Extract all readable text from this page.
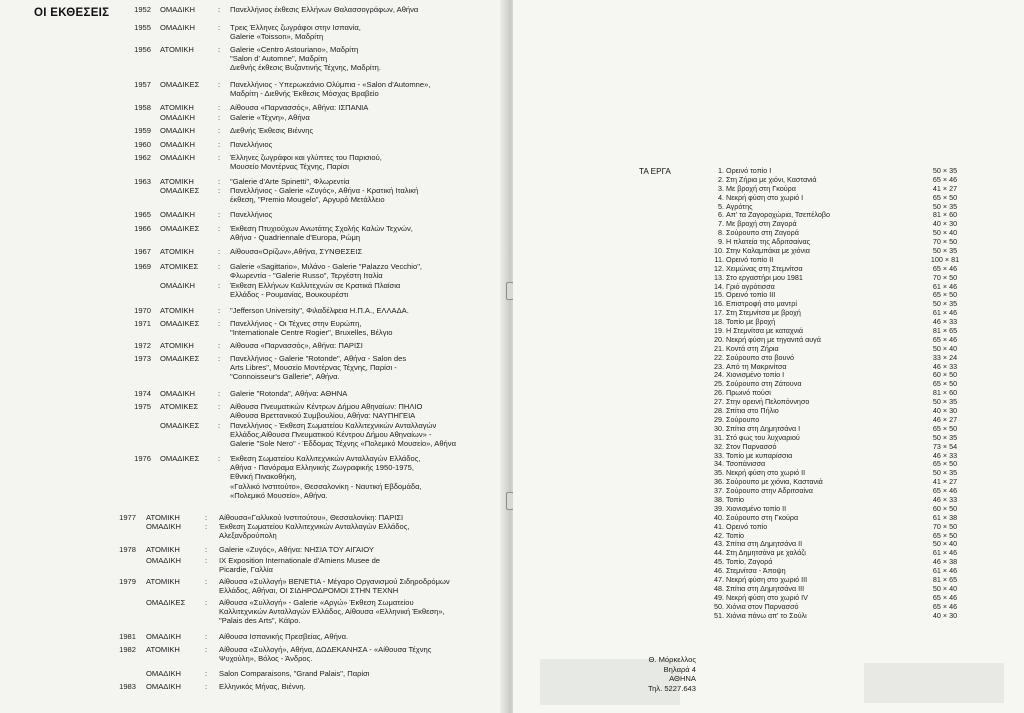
ΟΙ ΕΚΘΕΣΕΙΣ	1952 ΟΜΑΔΙΚΗ	: Πανελλήνιος έκθεσις Ελλήνων Θαλασσογράφων, Αθήνα
1955 ΟΜΑΔΙΚΗ	: Τρεις Έλληνες ζωγράφοι στην Ισπανία,
Galerie «Toisson», Μαδρίτη
1956 ΑΤΟΜΙΚΗ	: Galerie «Centro Astouriano», Μαδρίτη
"Salon d' Automne", Μαδρίτη
Διεθνής έκθεσις Βυζαντινής Τέχνης, Μαδρίτη.
1957 ΟΜΑΔΙΚΕΣ : Πανελλήνιος - Υπερωκεάνιο Ολύμπια - «Salon d'Automne»,
Μαδρίτη - Διεθνής Έκθεσις Μόσχας Βραβείο
1958 ΑΤΟΜΙΚΗ	: Αίθουσα «Παρνασσός», Αθήνα: ΙΣΠΑΝΙΑ
ΟΜΑΔΙΚΗ	: Galerie «Τέχνη», Αθήνα
1959 ΟΜΑΔΙΚΗ	: Διεθνής Έκθεσις Βιέννης
1960 ΟΜΑΔΙΚΗ	: Πανελλήνιος
1962 ΟΜΑΔΙΚΗ	: Έλληνες ζωγράφοι και γλύπτες του Παρισιού,
Μουσείο Μοντέρνας Τέχνης, Παρίσι
1963 ΑΤΟΜΙΚΗ	: "Galerie d'Arte Spinetti", Φλωρεντία
ΟΜΑΔΙΚΕΣ : Πανελλήνιος - Galerie «Ζυγός», Αθήνα - Κρατική Ιταλική
έκθεση, "Premio Mougelo", Αργυρό Μετάλλειο
1965 ΟΜΑΔΙΚΗ	: Πανελλήνιος
1966 ΟΜΑΔΙΚΕΣ : Έκθεση Πτυχιούχων Ανωτάτης Σχολής Καλών Τεχνών,
Αθήνα - Quadriennale d'Europa, Ρώμη
1967 ΑΤΟΜΙΚΗ	: Αίθουσα«Ορίζων»,Αθήνα, ΣΥΝΘΕΣΕΙΣ
1969 ΑΤΟΜΙΚΕΣ	: Galerie «Sagittario», Μιλάνο - Galerie "Palazzo Vecchio",
Φλωρεντία - "Galerie Russo", Τεργέστη Ιταλία
ΟΜΑΔΙΚΗ	: Έκθεση Ελλήνων Καλλιτεχνών σε Κρατικά Πλαίσια
Ελλάδος - Ρουμανίας, Βουκουρέστι
1970 ΑΤΟΜΙΚΗ	: "Jefferson University", Φιλαδέλφεια Η.Π.Α., ΕΛΛΑΔΑ.
1971 ΟΜΑΔΙΚΕΣ : Πανελλήνιος - Οι Τέχνες στην Ευρώπη,
"Internationale Centre Rogier", Bruxelles, Βέλγιο
1972 ΑΤΟΜΙΚΗ	: Αίθουσα «Παρνασσός», Αθήνα: ΠΑΡΙΣΙ
1973 ΟΜΑΔΙΚΕΣ : Πανελλήνιος - Galerie "Rotonde", Αθήνα - Salon des
Arts Libres", Μουσείο Μοντέρνας Τέχνης, Παρίσι -
"Connoisseur's Gallerie", Αθήνα.
1974 ΟΜΑΔΙΚΗ	: Galerie "Rotonda", Αθήνα: ΑΘΗΝΑ
1975 ΑΤΟΜΙΚΕΣ	: Αίθουσα Πνευματικών Κέντρων Δήμου Αθηναίων: ΠΗΛΙΟ
Αίθουσα Βρεττανικού Συμβουλίου, Αθήνα: ΝΑΥΠΗΓΕΙΑ
ΟΜΑΔΙΚΕΣ : Πανελλήνιος - Έκθεση Σωματείου Καλλιτεχνικών Ανταλλαγών
Ελλάδος,Αίθουσα Πνευματικού Κέντρου Δήμου Αθηναίων» -
Galerie "Sole Nero" - Έδδομας Τέχνης «Πολεμικό Μουσείο», Αθήνα
1976 ΟΜΑΔΙΚΕΣ : Έκθεση Σωματείου Καλλιτεχνικών Ανταλλαγών Ελλάδος,
Αθήνα - Πανόραμα Ελληνικής Ζωγραφικής 1950-1975,
Εθνική Πινακοθήκη,
«Γαλλικό Ινστιτούτο», Θεσσαλονίκη - Ναυτική Εβδομάδα,
«Πολεμικό Μουσείο», Αθήνα.
1977 ΑΤΟΜΙΚΗ	: Αίθουσα«Γαλλικού Ινστιτούτου», Θεσσαλονίκη: ΠΑΡΙΣΙ
ΟΜΑΔΙΚΗ	: Έκθεση Σωματείου Καλλιτεχνικών Ανταλλαγών Ελλάδος,
Αλεξανδρούπολη
1978 ΑΤΟΜΙΚΗ	: Galerie «Ζυγός», Αθήνα: ΝΗΣΙΑ ΤΟΥ ΑΙΓΑΙΟΥ
ΟΜΑΔΙΚΗ	: IX Exposition Internationale d'Amiens Musee de
Picardie, Γαλλία
1979 ΑΤΟΜΙΚΗ	: Αίθουσα «Συλλογή» ΒΕΝΕΤΙΑ - Μέγαρο Οργανισμού Σιδηροδρόμων
Ελλάδος, Αθήναι, ΟΙ ΣΙΔΗΡΟΔΡΟΜΟΙ ΣΤΗΝ ΤΕΧΝΗ
ΟΜΑΔΙΚΕΣ	: Αίθουσα «Συλλογή» - Galerie «Αργώ» Έκθεση Σωματείου
Καλλιτεχνικών Ανταλλαγών Ελλάδος, Αίθουσα «Ελληνική Έκθεση»,
"Palais des Arts", Κάϊρο.
1981 ΟΜΑΔΙΚΗ	: Αίθουσα Ισπανικής Πρεσβείας, Αθήνα.
1982 ΑΤΟΜΙΚΗ	: Αίθουσα «Συλλογή», Αθήνα, ΔΩΔΕΚΑΝΗΣΑ - «Αίθουσα Τέχνης
Ψυχούλη», Βόλος - Άνδρος.
ΟΜΑΔΙΚΗ	: Salon Comparaisons, "Grand Palais", Παρίσι
1983 ΟΜΑΔΙΚΗ	: Ελληνικός Μήνας, Βιέννη.
ΤΑ ΕΡΓΑ	1. Ορεινό τοπίο I	50 × 35
2. Στη Ζήρια με χιόνι, Καστανιά	65 × 46
3. Με βροχή στη Γκούρα	41 × 27
4. Νεκρή φύση στο χωριό I	65 × 50
5. Αγρότης	50 × 35
6. Απ' τα Ζαγοροχώρια, Τσεπέλοβο	81 × 60
7. Με βροχή στη Ζαγορά	40 × 30
8. Σούρουπο στη Ζαγορά	50 × 40
9. Η πλατεία της Αδριτσαίνας	70 × 50
10. Στην Καλαμπάκα με χιόνια	50 × 35
11. Ορεινό τοπίο II	100 × 81
12. Χειμώνας στη Στεμνίτσα	65 × 46
13. Στο εργαστήρι μου 1981	70 × 50
14. Γριό αγρότισσα	61 × 46
15. Ορεινό τοπίο III	65 × 50
16. Επιστροφή στο μαντρί	50 × 35
17. Στη Στεμνίτσα με βροχή	61 × 46
18. Τοπίο με βροχή	46 × 33
19. Η Στεμνίτσα με καταχνιά	81 × 65
20. Νεκρή φύση με τηγανιτά αυγά	65 × 46
21. Κοντά στη Ζήρια	50 × 40
22. Σούρουπο στο βουνό	33 × 24
23. Από τη Μακρινίτσα	46 × 33
24. Χιονισμένο τοπίο I	60 × 50
25. Σούρουπο στη Ζάτουνα	65 × 50
26. Πρωινό πούσι	81 × 60
27. Στην ορεινή Πελοπόννησο	50 × 35
28. Σπίτια στο Πήλιο	40 × 30
29. Σούρουπο	46 × 27
30. Σπίτια στη Δημητσάνα I	65 × 50
31. Στό φως του λυχναριού	50 × 35
32. Στον Παρνασσό	73 × 54
33. Τοπίο με κυπαρίσσια	46 × 33
34. Τσοπάνισσα	65 × 50
35. Νεκρή φύση στο χωριό II	50 × 35
36. Σούρουπο με χιόνια, Καστανιά	41 × 27
37. Σούρουπο στην Αδριτσαίνα	65 × 46
38. Τοπίο	46 × 33
39. Χιονισμένο τοπίο II	60 × 50
40. Σούρουπο στη Γκούρα	61 × 38
41. Ορεινό τοπίο	70 × 50
42. Τοπίο	65 × 50
43. Σπίτια στη Δημητσάνα II	50 × 40
44. Στη Δημητσάνα με χαλάζι	61 × 46
45. Τοπίο, Ζαγορά	46 × 38
46. Στεμνίτσα - Άποψη	61 × 46
47. Νεκρή φύση στο χωριό III	81 × 65
48. Σπίτια στη Δημητσάνα III	50 × 40
49. Νεκρή φύση στο χωριό IV	65 × 46
50. Χιόνια στον Παρνασσό	65 × 46
51. Χιόνια πάνω απ' το Σούλι	40 × 30
Θ. Μόρκελλος
Βηλαρά 4
ΑΘΗΝΑ
Τηλ. 5227.643
